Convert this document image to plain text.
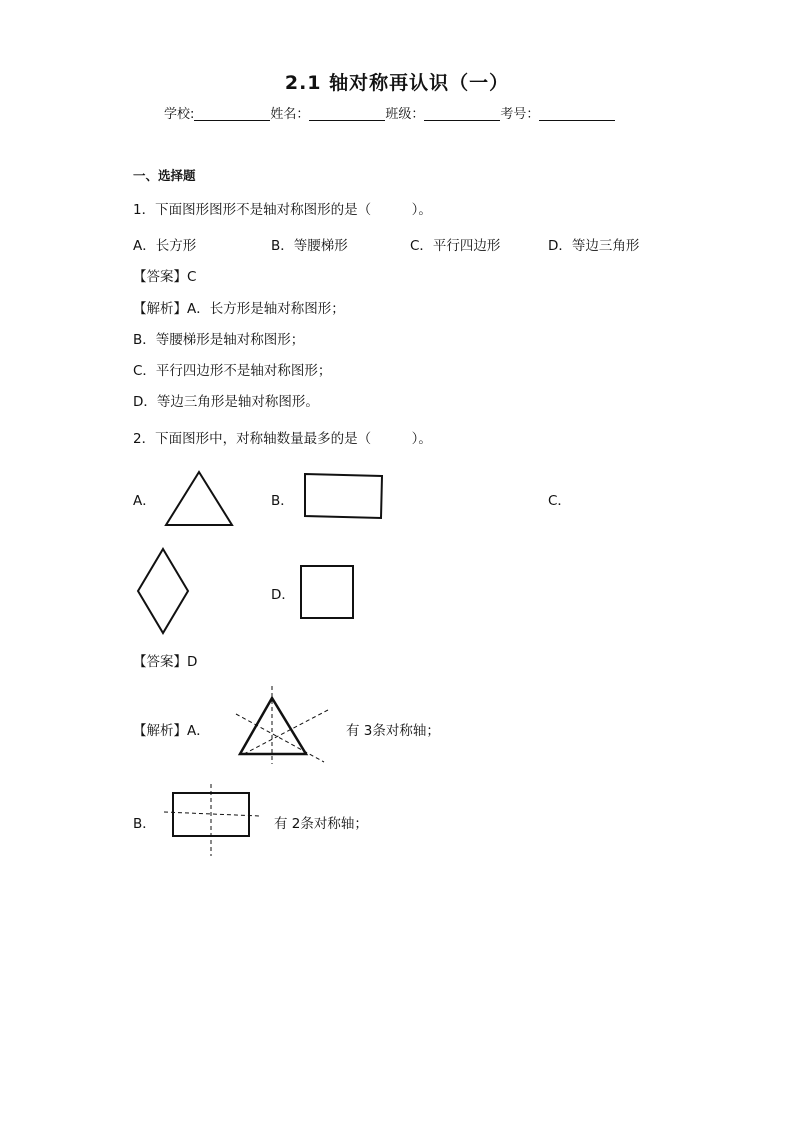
2.1 轴对称再认识（一）
学校:	姓名：	班级：	考号：
一、选择题
1．下面图形图形不是轴对称图形的是（　　　）。
A．长方形	B．等腰梯形	C．平行四边形	D．等边三角形
【答案】C
【解析】A．长方形是轴对称图形；
B．等腰梯形是轴对称图形；
C．平行四边形不是轴对称图形；
D．等边三角形是轴对称图形。
2．下面图形中，对称轴数量最多的是（　　　）。
A．	B．	C．
D．
【答案】D
【解析】A．	有 3条对称轴；
B．	有 2条对称轴；
